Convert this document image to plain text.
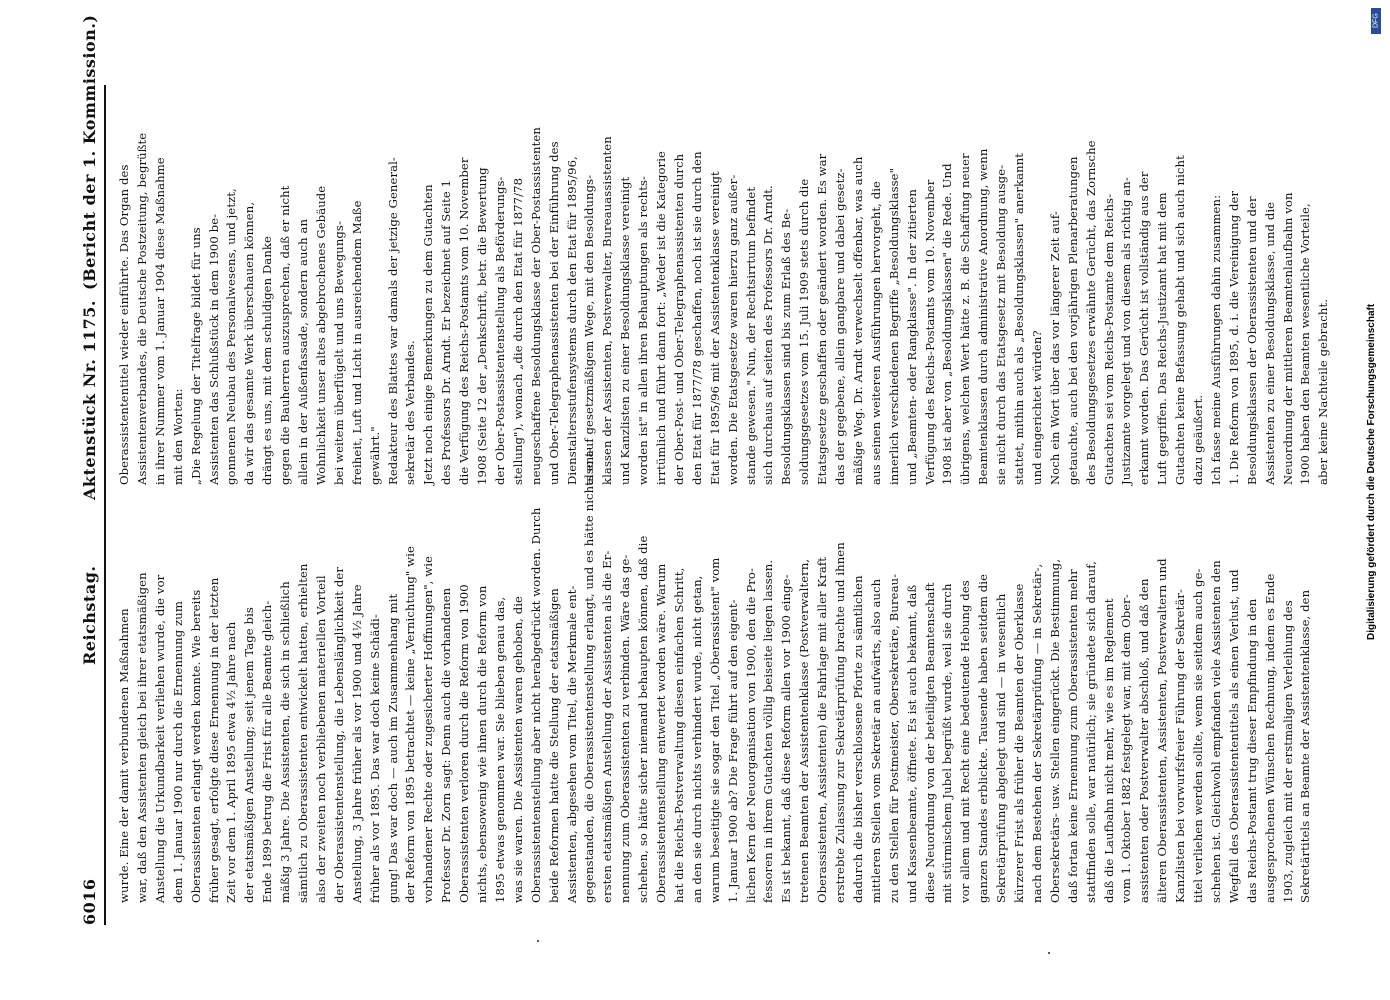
6016
Reichstag.
Aktenstück Nr. 1175.
(Bericht der 1. Kommission.)
wurde. Eine der damit verbundenen Maßnahmen war, daß den Assistenten gleich bei ihrer etatsmäßigen Anstellung die Urkundbarkeit verliehen wurde, die vor dem 1. Januar 1900 nur durch die Ernennung zum Oberassistenten erlangt werden konnte. Wie bereits früher gesagt, erfolgte diese Ernennung in der letzten Zeit vor dem 1. April 1895 etwa 4½ Jahre nach der etatsmäßigen Anstellung; seit jenem Tage bis Ende 1899 betrug die Frist für alle Beamte gleich- mäßig 3 Jahre. Die Assistenten, die sich in schließlich sämtlich zu Oberassistenten entwickelt hatten, erhielten also der zweiten noch verbliebenen materiellen Vorteil der Oberassistentenstellung, die Lebenslänglichkeit der Anstellung, 3 Jahre früher als vor 1900 und 4½ Jahre früher als vor 1895. Das war doch keine Schädi- gung! Das war doch — auch im Zusammenhang mit der Reform von 1895 betrachtet — keine „Vernichtung" wie vorhandener Rechte oder zugesicherter Hoffnungen", wie Professor Dr. Zorn sagt: Denn auch die vorhandenen Oberassistenten verloren durch die Reform von 1900 nichts, ebensowenig wie ihnen durch die Reform von 1895 etwas genommen war. Sie blieben genau das, was sie waren. Die Assistenten waren gehoben, die Oberassistentenstellung aber nicht herabgedrückt worden. Durch beide Reformen hatte die Stellung der etatsmäßigen Assistenten, abgesehen vom Titel, die Merkmale ent- gegenstanden, die Oberassistentenstellung erlangt, und es hätte nichts ent- ersten etatsmäßigen Anstellung der Assistenten als die Er- nennung zum Oberassistenten zu verbinden. Wäre das ge- schehen, so hätte sicher niemand behaupten können, daß die Oberassistentenstellung entwertet worden wäre. Warum hat die Reichs-Postverwaltung diesen einfachen Schritt, an den sie durch nichts verhindert wurde, nicht getan, warum beseitigte sie sogar den Titel „Oberassistent" vom 1. Januar 1900 ab? Die Frage führt auf den eigent- lichen Kern der Neuorganisation von 1900, den die Pro- fessoren in ihrem Gutachten völlig beiseite liegen lassen. Es ist bekannt, daß diese Reform allen vor 1900 einge- tretenen Beamten der Assistentenklasse (Postverwaltern, Oberassistenten, Assistenten) die Fahrlage mit aller Kraft erstrebte Zulassung zur Sekretärprüfung brachte und ihnen dadurch die bisher verschlossene Pforte zu sämtlichen mittleren Stellen vom Sekretär an aufwärts, also auch zu den Stellen für Postmeister, Obersekretäre, Bureau- und Kassenbeamte, öffnete. Es ist auch bekannt, daß diese Neuordnung von der beteiligten Beamtenschaft mit stürmischem Jubel begrüßt wurde, weil sie durch vor allem und mit Recht eine bedeutende Hebung des ganzen Standes erblickte. Tausende haben seitdem die Sekretärprüfung abgelegt und sind — in wesentlich kürzerer Frist als früher die Beamten der Oberklasse nach dem Bestehen der Sekretärprüfung — in Sekretär-, Obersekretärs- usw. Stellen eingerückt. Die Bestimmung, daß fortan keine Ernennung zum Oberassistenten mehr stattfinden solle, war natürlich; sie gründete sich darauf, daß die Laufbahn nicht mehr, wie es im Reglement vom 1. Oktober 1882 festgelegt war, mit dem Ober- assistenten oder Postverwalter abschloß, und daß den älteren Oberassistenten, Assistenten, Postverwaltern und Kanzlisten bei vorwurfsfreier Führung der Sekretär- titel verliehen werden sollte, wenn sie seitdem auch ge- schehen ist. Gleichwohl empfanden viele Assistenten den Wegfall des Oberassistententitels als einen Verlust, und das Reichs-Postamt trug dieser Empfindung in den ausgesprochenen Wünschen Rechnung, indem es Ende 1903, zugleich mit der erstmaligen Verleihung des Sekretärtitels an Beamte der Assistentenklasse, den
Oberassistententitel wieder einführte. Das Organ des Assistentenverbandes, die Deutsche Postzeitung, begrüßte in ihrer Nummer vom 1. Januar 1904 diese Maßnahme mit den Worten: „Die Regelung der Titelfrage bildet für uns Assistenten das Schlußstück in dem 1900 be- gonnenen Neubau des Personalwesens, und jetzt, da wir das gesamte Werk überschauen können, drängt es uns, mit dem schuldigen Danke gegen die Bauherren auszusprechen, daß er nicht allein in der Außenfassade, sondern auch an Wohnlichkeit unser altes abgebrochenes Gebäude bei weitem überflügelt und uns Bewegungs- freiheit, Luft und Licht in ausreichendem Maße gewährt." Redakteur des Blattes war damals der jetzige General- sekretär des Verbandes. Jetzt noch einige Bemerkungen zu dem Gutachten des Professors Dr. Arndt. Er bezeichnet auf Seite 1 die Verfügung des Reichs-Postamts vom 10. November 1908 (Seite 12 der „Denkschrift, betr. die Bewertung der Ober-Postassistentenstellung als Beförderungs- stellung"), wonach „die durch den Etat für 1877/78 neugeschaffene Besoldungsklasse der Ober-Postassistenten und Ober-Telegraphenassistenten bei der Einführung des Dienstaltersstufensystems durch den Etat für 1895/96, also auf gesetzmäßigem Wege, mit den Besoldungs- klassen der Assistenten, Postverwalter, Bureauassistenten und Kanzlisten zu einer Besoldungsklasse vereinigt worden ist" in allen ihren Behauptungen als rechts- irrtümlich und führt dann fort: „Weder ist die Kategorie der Ober-Post- und Ober-Telegraphenassistenten durch den Etat für 1877/78 geschaffen, noch ist sie durch den Etat für 1895/96 mit der Assistentenklasse vereinigt worden. Die Etatsgesetze waren hierzu ganz außer- stande gewesen." Nun, der Rechtsirrtum befindet sich durchaus auf seiten des Professors Dr. Arndt. Besoldungsklassen sind bis zum Erlaß des Be- soldungsgesetzes vom 15. Juli 1909 stets durch die Etatsgesetze geschaffen oder geändert worden. Es war das der gegebene, allein gangbare und dabei gesetz- mäßige Weg. Dr. Arndt verwechselt offenbar, was auch aus seinen weiteren Ausführungen hervorgeht, die innerlich verschiedenen Begriffe „Besoldungsklasse" und „Beamten- oder Rangklasse". In der zitierten Verfügung des Reichs-Postamts vom 10. November 1908 ist aber von „Besoldungsklassen" die Rede. Und übrigens, welchen Wert hätte z. B. die Schaffung neuer Beamtenklassen durch administrative Anordnung, wenn sie nicht durch das Etatsgesetz mit Besoldung ausge- stattet, mithin auch als „Besoldungsklassen" anerkannt und eingerichtet würden? Noch ein Wort über das vor längerer Zeit auf- getauchte, auch bei den vorjährigen Plenarberatungen des Besoldungsgesetzes erwähnte Gerücht, das Zornsche Gutachten sei vom Reichs-Postamte dem Reichs- Justizamte vorgelegt und von diesem als richtig an- erkannt worden. Das Gerücht ist vollständig aus der Luft gegriffen. Das Reichs-Justizamt hat mit dem Gutachten keine Befassung gehabt und sich auch nicht dazu geäußert. Ich fasse meine Ausführungen dahin zusammen: 1. Die Reform von 1895, d. i. die Vereinigung der Besoldungsklassen der Oberassistenten und der Assistenten zu einer Besoldungsklasse, und die Neuordnung der mittleren Beamtenlaufbahn von 1900 haben den Beamten wesentliche Vorteile, aber keine Nachteile gebracht.
DFG
Digitalisierung gefördert durch die Deutsche Forschungsgemeinschaft
